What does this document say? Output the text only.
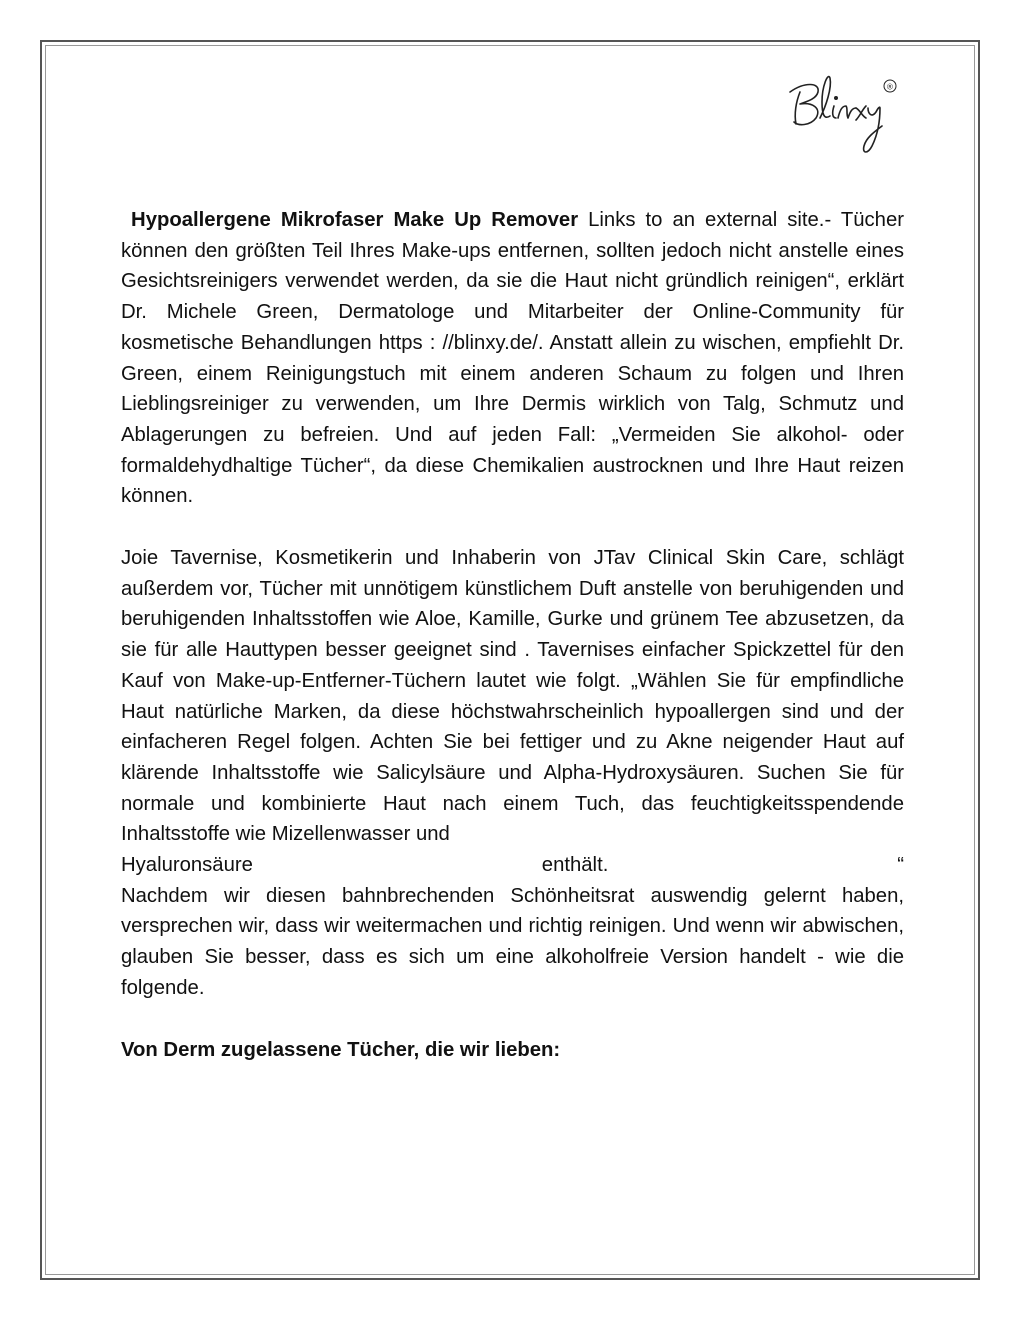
®

Hypoallergene Mikrofaser Make Up Remover Links to an external site.- Tücher können den größten Teil Ihres Make-ups entfernen, sollten jedoch nicht anstelle eines Gesichtsreinigers verwendet werden, da sie die Haut nicht gründlich reinigen“, erklärt Dr. Michele Green, Dermatologe und Mitarbeiter der Online-Community für kosmetische Behandlungen https : //blinxy.de/. Anstatt allein zu wischen, empfiehlt Dr. Green, einem Reinigungstuch mit einem anderen Schaum zu folgen und Ihren Lieblingsreiniger zu verwenden, um Ihre Dermis wirklich von Talg, Schmutz und Ablagerungen zu befreien. Und auf jeden Fall: „Vermeiden Sie alkohol- oder formaldehydhaltige Tücher“, da diese Chemikalien austrocknen und Ihre Haut reizen können.

Joie Tavernise, Kosmetikerin und Inhaberin von JTav Clinical Skin Care, schlägt außerdem vor, Tücher mit unnötigem künstlichem Duft anstelle von beruhigenden und beruhigenden Inhaltsstoffen wie Aloe, Kamille, Gurke und grünem Tee abzusetzen, da sie für alle Hauttypen besser geeignet sind . Tavernises einfacher Spickzettel für den Kauf von Make-up-Entferner-Tüchern lautet wie folgt. „Wählen Sie für empfindliche Haut natürliche Marken, da diese höchstwahrscheinlich hypoallergen sind und der einfacheren Regel folgen. Achten Sie bei fettiger und zu Akne neigender Haut auf klärende Inhaltsstoffe wie Salicylsäure und Alpha-Hydroxysäuren. Suchen Sie für normale und kombinierte Haut nach einem Tuch, das feuchtigkeitsspendende Inhaltsstoffe wie Mizellenwasser und
Hyaluronsäure enthält. “
Nachdem wir diesen bahnbrechenden Schönheitsrat auswendig gelernt haben, versprechen wir, dass wir weitermachen und richtig reinigen. Und wenn wir abwischen, glauben Sie besser, dass es sich um eine alkoholfreie Version handelt - wie die folgende.

Von Derm zugelassene Tücher, die wir lieben:
